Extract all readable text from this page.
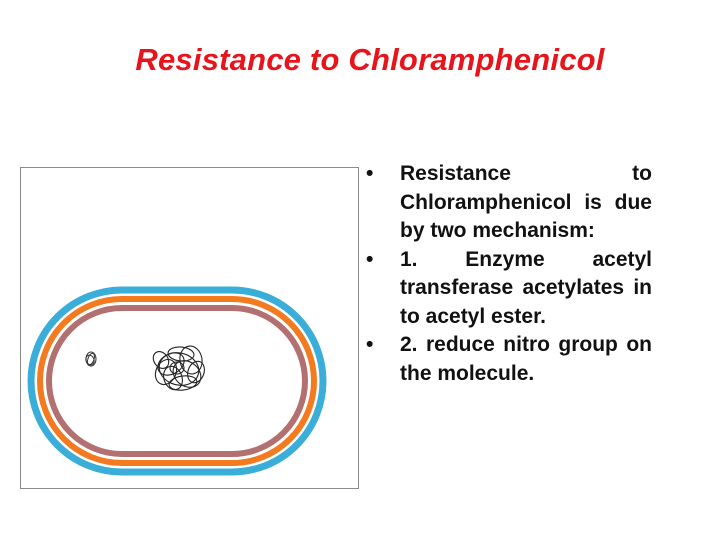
Resistance to Chloramphenicol
•	Resistance to Chloramphenicol is due by two mechanism:
•	1. Enzyme acetyl transferase acetylates in to acetyl ester.
•	2. reduce nitro group on the molecule.
